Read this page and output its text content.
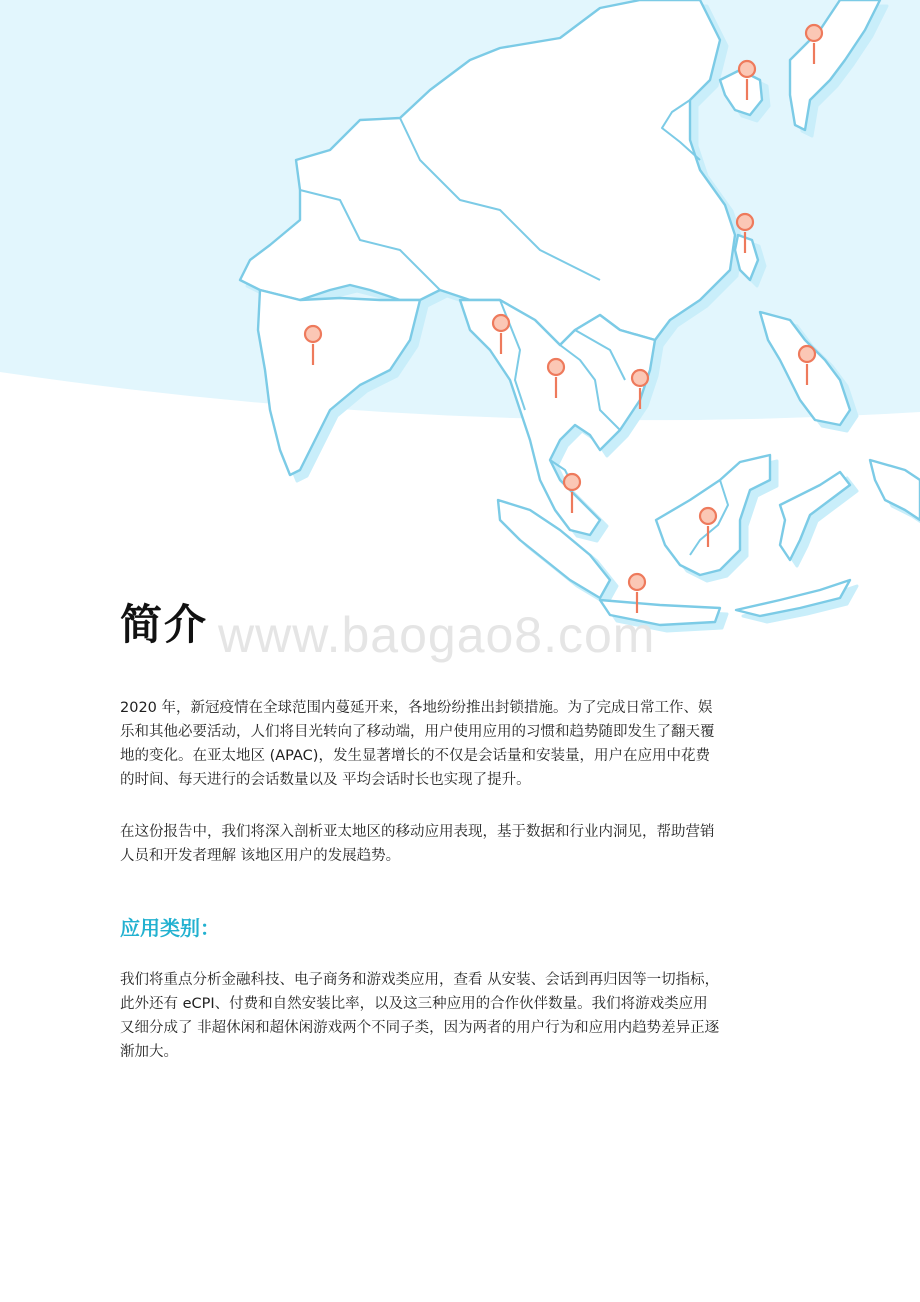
www.baogao8.com
简介

2020 年，新冠疫情在全球范围内蔓延开来，各地纷纷推出封锁措施。为了完成日常工作、娱乐和其他必要活动，人们将目光转向了移动端，用户使用应用的习惯和趋势随即发生了翻天覆地的变化。在亚太地区 (APAC)，发生显著增长的不仅是会话量和安装量，用户在应用中花费的时间、每天进行的会话数量以及 平均会话时长也实现了提升。

在这份报告中，我们将深入剖析亚太地区的移动应用表现，基于数据和行业内洞见，帮助营销人员和开发者理解 该地区用户的发展趋势。

应用类别：

我们将重点分析金融科技、电子商务和游戏类应用，查看 从安装、会话到再归因等一切指标，此外还有 eCPI、付费和自然安装比率，以及这三种应用的合作伙伴数量。我们将游戏类应用又细分成了 非超休闲和超休闲游戏两个不同子类，因为两者的用户行为和应用内趋势差异正逐渐加大。
